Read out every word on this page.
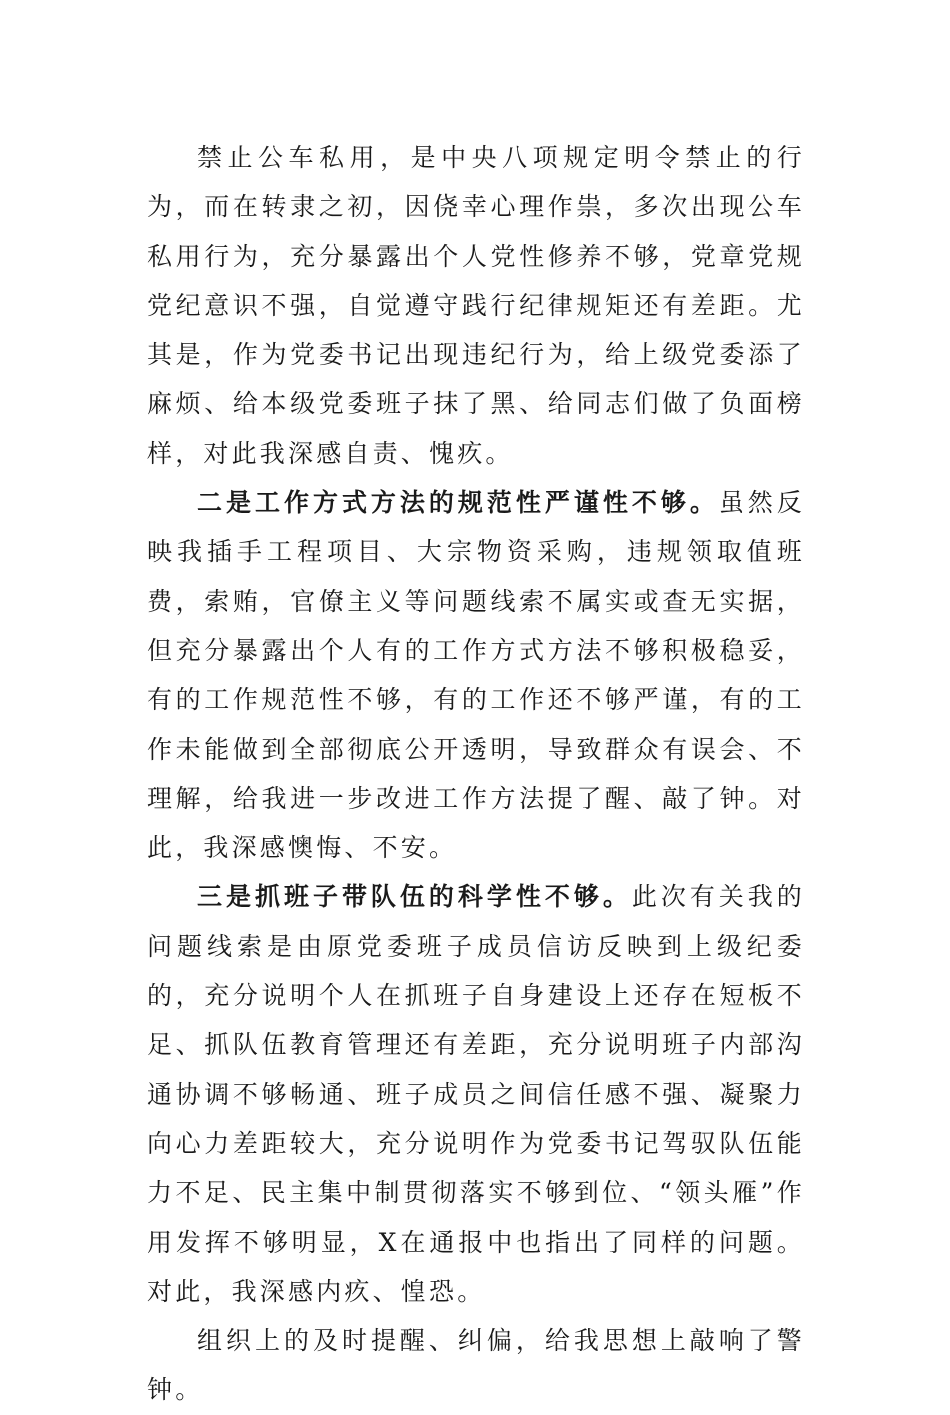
禁止公车私用，是中央八项规定明令禁止的行为，而在转隶之初，因侥幸心理作祟，多次出现公车私用行为，充分暴露出个人党性修养不够，党章党规党纪意识不强，自觉遵守践行纪律规矩还有差距。尤其是，作为党委书记出现违纪行为，给上级党委添了麻烦、给本级党委班子抹了黑、给同志们做了负面榜样，对此我深感自责、愧疚。

二是工作方式方法的规范性严谨性不够。虽然反映我插手工程项目、大宗物资采购，违规领取值班费，索贿，官僚主义等问题线索不属实或查无实据，但充分暴露出个人有的工作方式方法不够积极稳妥，有的工作规范性不够，有的工作还不够严谨，有的工作未能做到全部彻底公开透明，导致群众有误会、不理解，给我进一步改进工作方法提了醒、敲了钟。对此，我深感懊悔、不安。

三是抓班子带队伍的科学性不够。此次有关我的问题线索是由原党委班子成员信访反映到上级纪委的，充分说明个人在抓班子自身建设上还存在短板不足、抓队伍教育管理还有差距，充分说明班子内部沟通协调不够畅通、班子成员之间信任感不强、凝聚力向心力差距较大，充分说明作为党委书记驾驭队伍能力不足、民主集中制贯彻落实不够到位、“领头雁”作用发挥不够明显，X在通报中也指出了同样的问题。对此，我深感内疚、惶恐。

组织上的及时提醒、纠偏，给我思想上敲响了警钟。
